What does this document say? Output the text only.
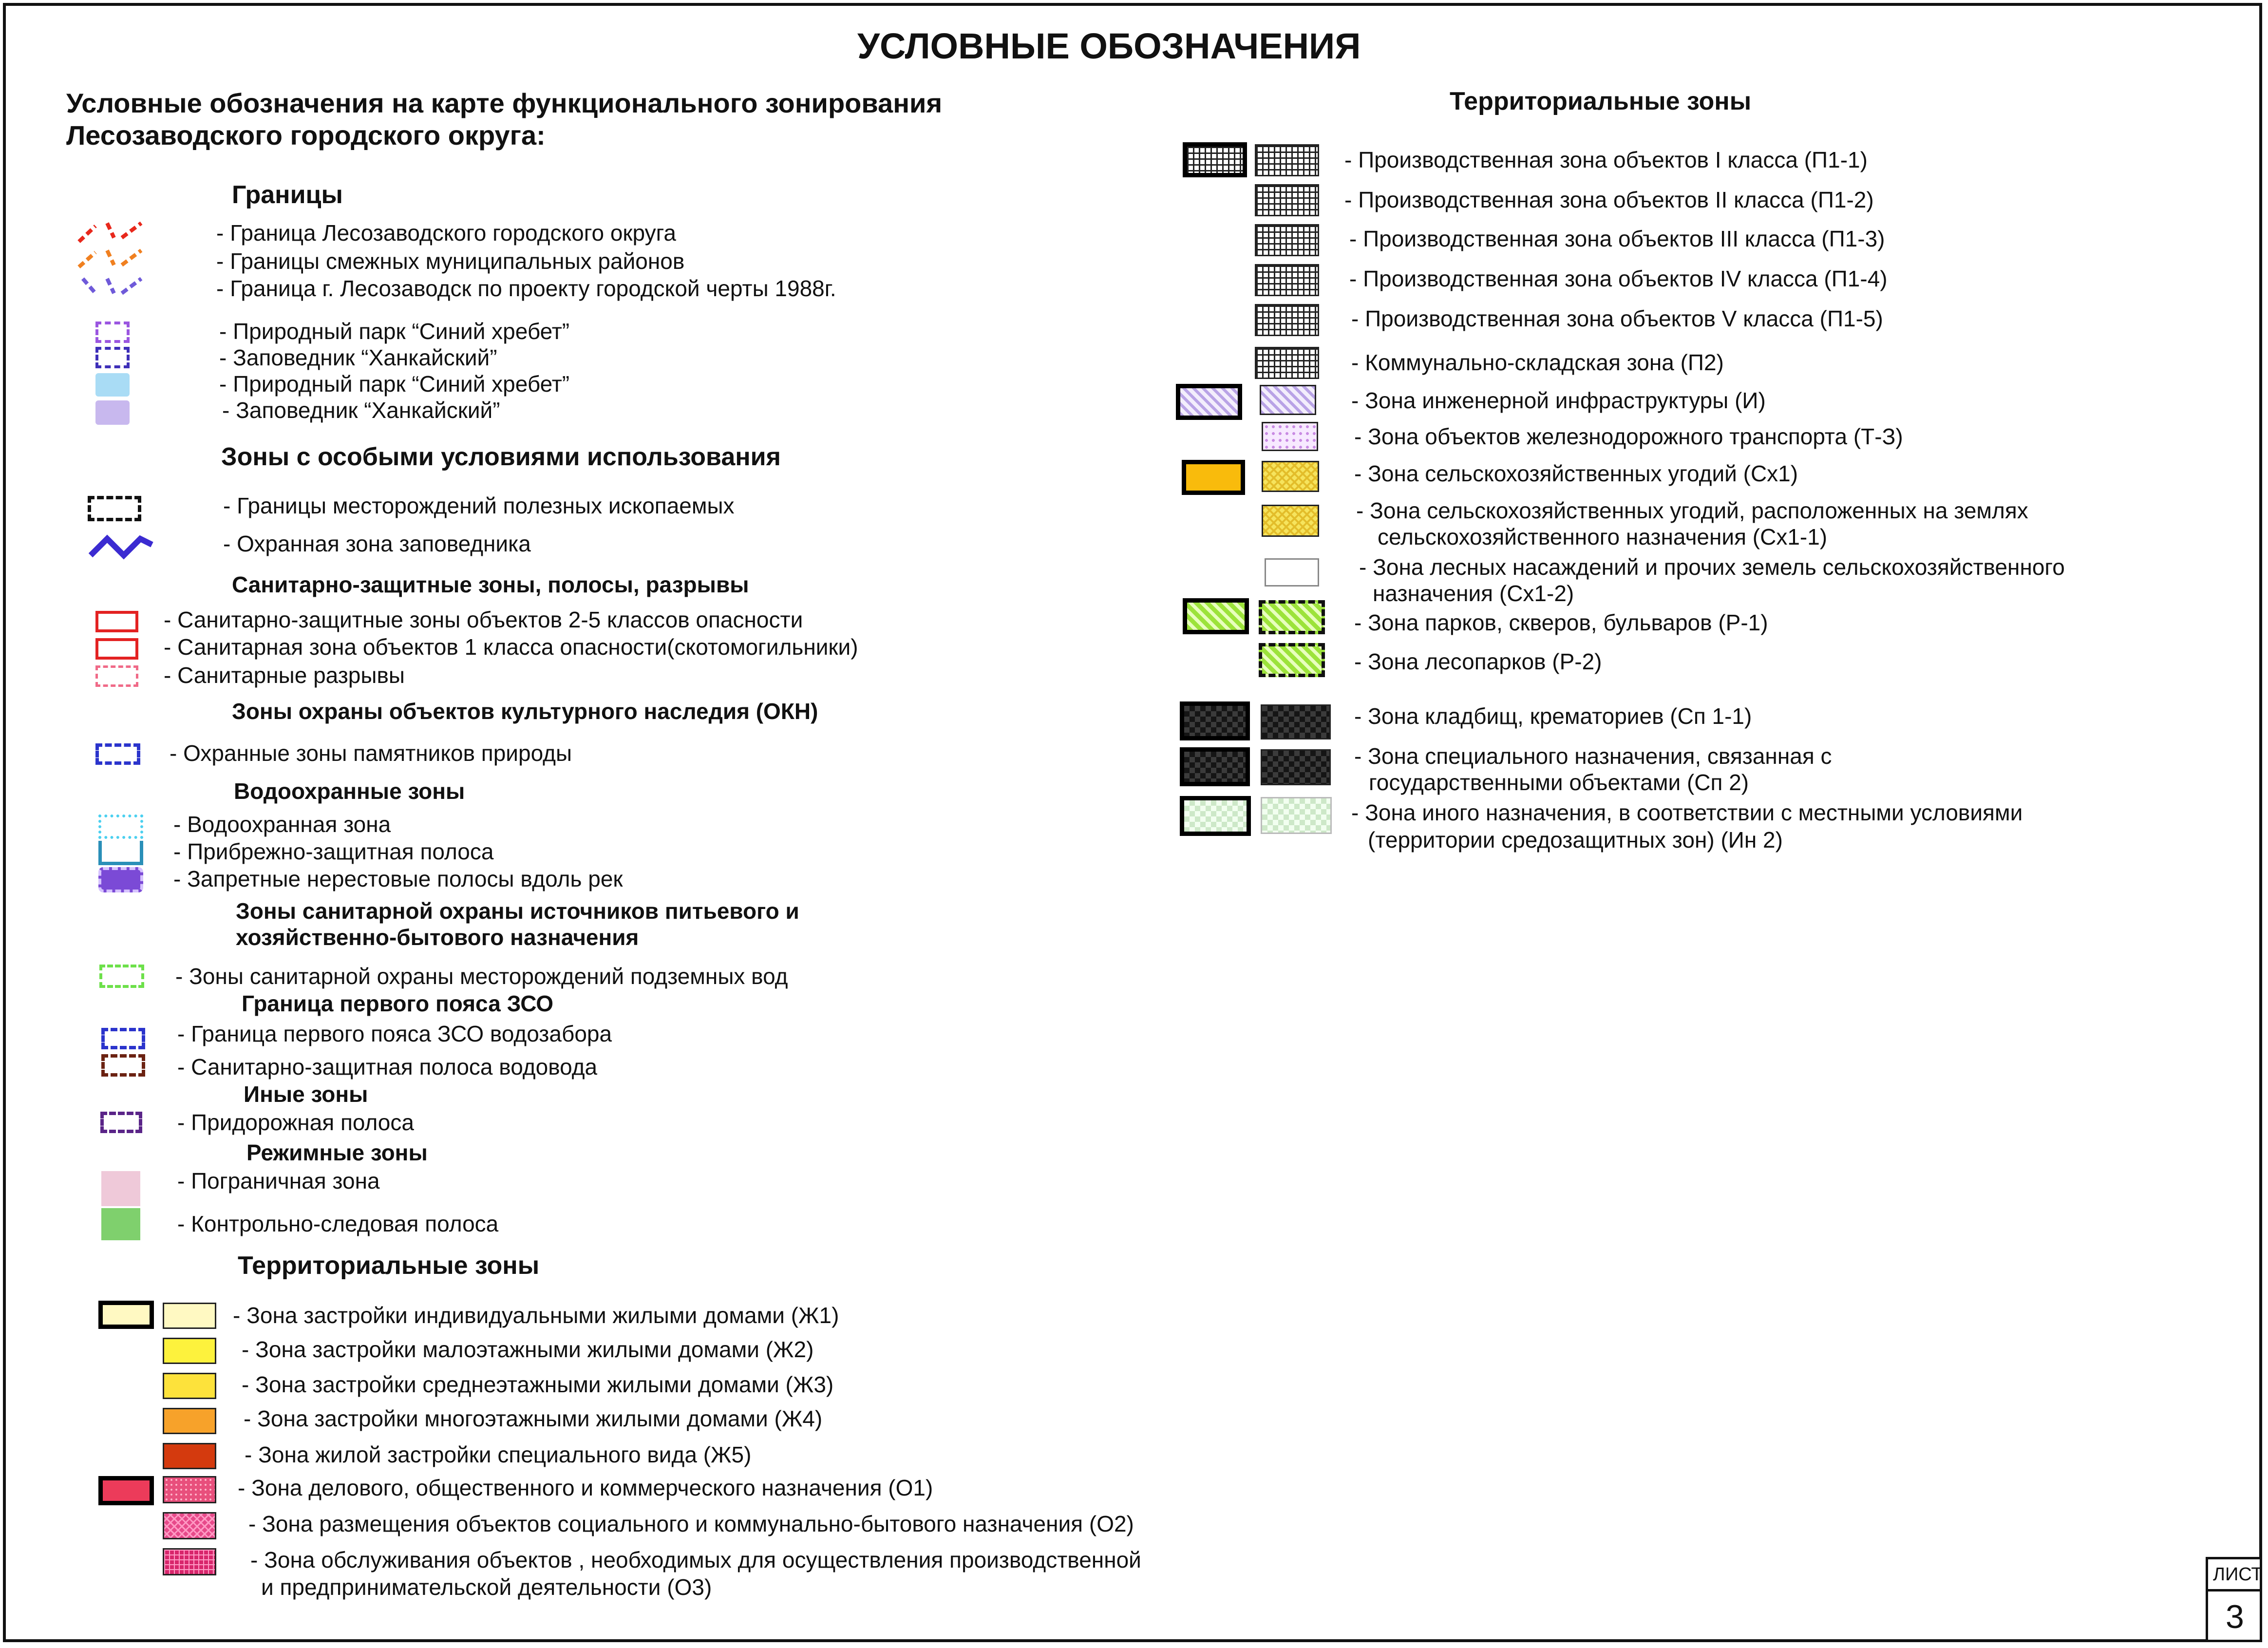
УСЛОВНЫЕ ОБОЗНАЧЕНИЯ
Условные обозначения на карте функционального зонирования
Лесозаводского городского округа:
Границы
- Граница Лесозаводского городского округа
- Границы смежных муниципальных районов
- Граница г. Лесозаводск по проекту городской черты 1988г.
- Природный парк “Синий хребет”
- Заповедник “Ханкайский”
- Природный парк “Синий хребет”
- Заповедник “Ханкайский”
Зоны с особыми условиями использования
- Границы месторождений полезных ископаемых
- Охранная зона заповедника
Санитарно-защитные зоны, полосы, разрывы
- Санитарно-защитные зоны объектов 2-5 классов опасности
- Санитарная зона объектов 1 класса опасности(скотомогильники)
- Санитарные разрывы
Зоны охраны объектов культурного наследия (ОКН)
- Охранные зоны памятников природы
Водоохранные зоны
- Водоохранная зона
- Прибрежно-защитная полоса
- Запретные нерестовые полосы вдоль рек
Зоны санитарной охраны источников питьевого и
хозяйственно-бытового назначения
- Зоны санитарной охраны месторождений подземных вод
Граница первого пояса ЗСО
- Граница первого пояса ЗСО водозабора
- Санитарно-защитная полоса водовода
Иные зоны
- Придорожная полоса
Режимные зоны
- Пограничная зона
- Контрольно-следовая полоса
Территориальные зоны
- Зона застройки индивидуальными жилыми домами (Ж1)
- Зона застройки малоэтажными жилыми домами (Ж2)
- Зона застройки среднеэтажными жилыми домами (Ж3)
- Зона застройки многоэтажными жилыми домами (Ж4)
- Зона жилой застройки специального вида (Ж5)
- Зона делового, общественного и коммерческого назначения (О1)
- Зона размещения объектов социального и коммунально-бытового назначения (О2)
- Зона обслуживания объектов , необходимых для осуществления производственной
и предпринимательской деятельности (О3)
Территориальные зоны
- Производственная зона объектов I класса (П1-1)
- Производственная зона объектов II класса (П1-2)
- Производственная зона объектов III класса (П1-3)
- Производственная зона объектов IV класса (П1-4)
- Производственная зона объектов V класса (П1-5)
- Коммунально-складская зона (П2)
- Зона инженерной инфраструктуры (И)
- Зона объектов железнодорожного транспорта (Т-З)
- Зона сельскохозяйственных угодий (Сх1)
- Зона сельскохозяйственных угодий, расположенных на землях
сельскохозяйственного назначения (Сх1-1)
- Зона лесных насаждений и прочих земель сельскохозяйственного
назначения (Сх1-2)
- Зона парков, скверов, бульваров (Р-1)
- Зона лесопарков (Р-2)
- Зона кладбищ, крематориев (Сп 1-1)
- Зона специального назначения, связанная с
государственными объектами (Сп 2)
- Зона иного назначения, в соответствии с местными условиями
(территории средозащитных зон) (Ин 2)
ЛИСТ
3
